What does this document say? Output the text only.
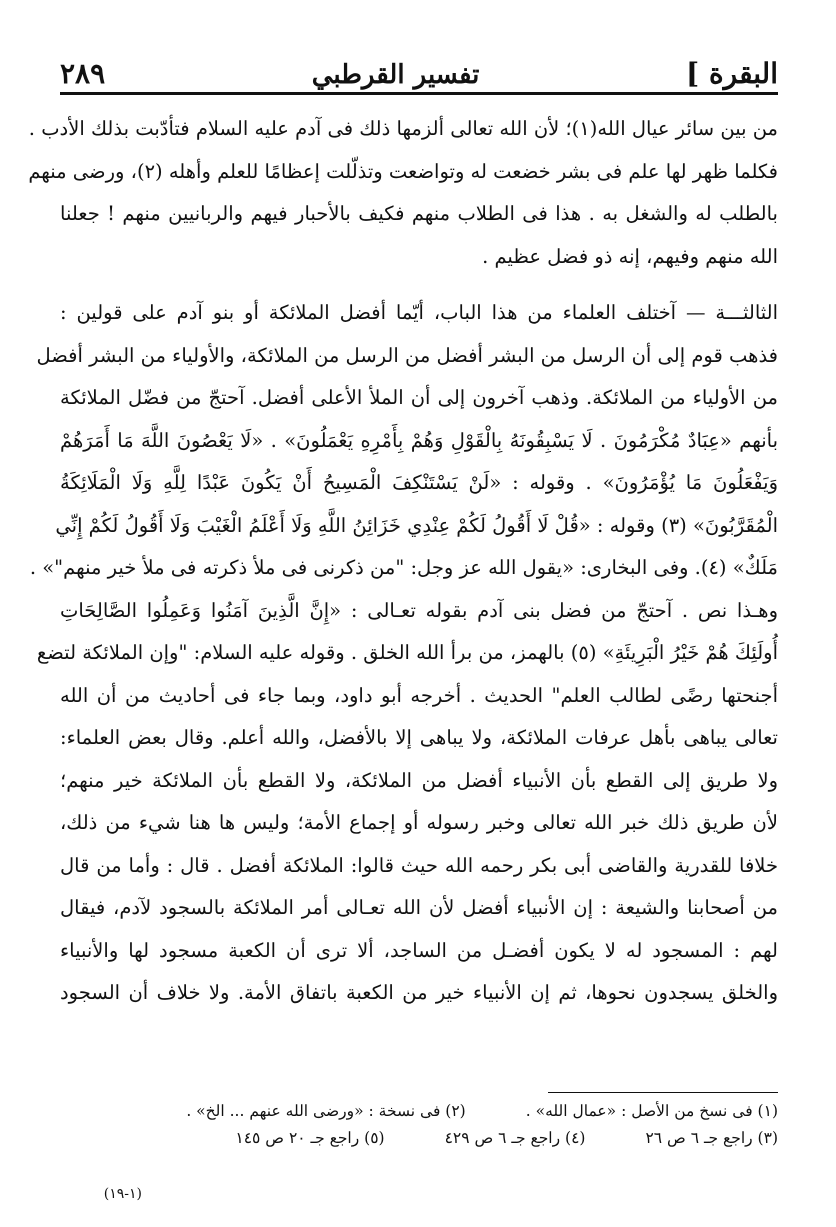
البقرة ]
تفسير القرطبي
٢٨٩
من بين سائر عيال الله(١)؛ لأن الله تعالى ألزمها ذلك فى آدم عليه السلام فتأدّبت بذلك الأدب .
فكلما ظهر لها علم فى بشر خضعت له وتواضعت وتذلّلت إعظامًا للعلم وأهله (٢)، ورضى منهم
بالطلب له والشغل به . هذا فى الطلاب منهم فكيف بالأحبار فيهم والربانيين منهم ! جعلنا
الله منهم وفيهم، إنه ذو فضل عظيم .
الثالثـــة — آختلف العلماء من هذا الباب، أيّما أفضل الملائكة أو بنو آدم على قولين :
فذهب قوم إلى أن الرسل من البشر أفضل من الرسل من الملائكة، والأولياء من البشر أفضل
من الأولياء من الملائكة. وذهب آخرون إلى أن الملأ الأعلى أفضل. آحتجّ من فضّل الملائكة
بأنهم «عِبَادٌ مُكْرَمُونَ . لَا يَسْبِقُونَهُ بِالْقَوْلِ وَهُمْ بِأَمْرِهِ يَعْمَلُونَ» . «لَا يَعْصُونَ اللَّهَ مَا أَمَرَهُمْ
وَيَفْعَلُونَ مَا يُؤْمَرُونَ» . وقوله : «لَنْ يَسْتَنْكِفَ الْمَسِيحُ أَنْ يَكُونَ عَبْدًا لِلَّهِ وَلَا الْمَلَائِكَةُ
الْمُقَرَّبُونَ» (٣) وقوله : «قُلْ لَا أَقُولُ لَكُمْ عِنْدِي خَزَائِنُ اللَّهِ وَلَا أَعْلَمُ الْغَيْبَ وَلَا أَقُولُ لَكُمْ إِنِّي
مَلَكٌ» (٤). وفى البخارى: «يقول الله عز وجل: "من ذكرنى فى ملأ ذكرته فى ملأ خير منهم"» .
وهـذا نص . آحتجّ من فضل بنى آدم بقوله تعـالى : «إِنَّ الَّذِينَ آمَنُوا وَعَمِلُوا الصَّالِحَاتِ
أُولَئِكَ هُمْ خَيْرُ الْبَرِيئَةِ» (٥) بالهمز، من برأ الله الخلق . وقوله عليه السلام: "وإن الملائكة لتضع
أجنحتها رضًى لطالب العلم" الحديث . أخرجه أبو داود، وبما جاء فى أحاديث من أن الله
تعالى يباهى بأهل عرفات الملائكة، ولا يباهى إلا بالأفضل، والله أعلم. وقال بعض العلماء:
ولا طريق إلى القطع بأن الأنبياء أفضل من الملائكة، ولا القطع بأن الملائكة خير منهم؛
لأن طريق ذلك خبر الله تعالى وخبر رسوله أو إجماع الأمة؛ وليس ها هنا شيء من ذلك،
خلافا للقدرية والقاضى أبى بكر رحمه الله حيث قالوا: الملائكة أفضل . قال : وأما من قال
من أصحابنا والشيعة : إن الأنبياء أفضل لأن الله تعـالى أمر الملائكة بالسجود لآدم، فيقال
لهم : المسجود له لا يكون أفضـل من الساجد، ألا ترى أن الكعبة مسجود لها والأنبياء
والخلق يسجدون نحوها، ثم إن الأنبياء خير من الكعبة باتفاق الأمة. ولا خلاف أن السجود
(١) فى نسخ من الأصل : «عمال الله» .
(٢) فى نسخة : «ورضى الله عنهم ... الخ» .
(٣) راجع جـ ٦ ص ٢٦
(٤) راجع جـ ٦ ص ٤٢٩
(٥) راجع جـ ٢٠ ص ١٤٥
(١-١٩)
